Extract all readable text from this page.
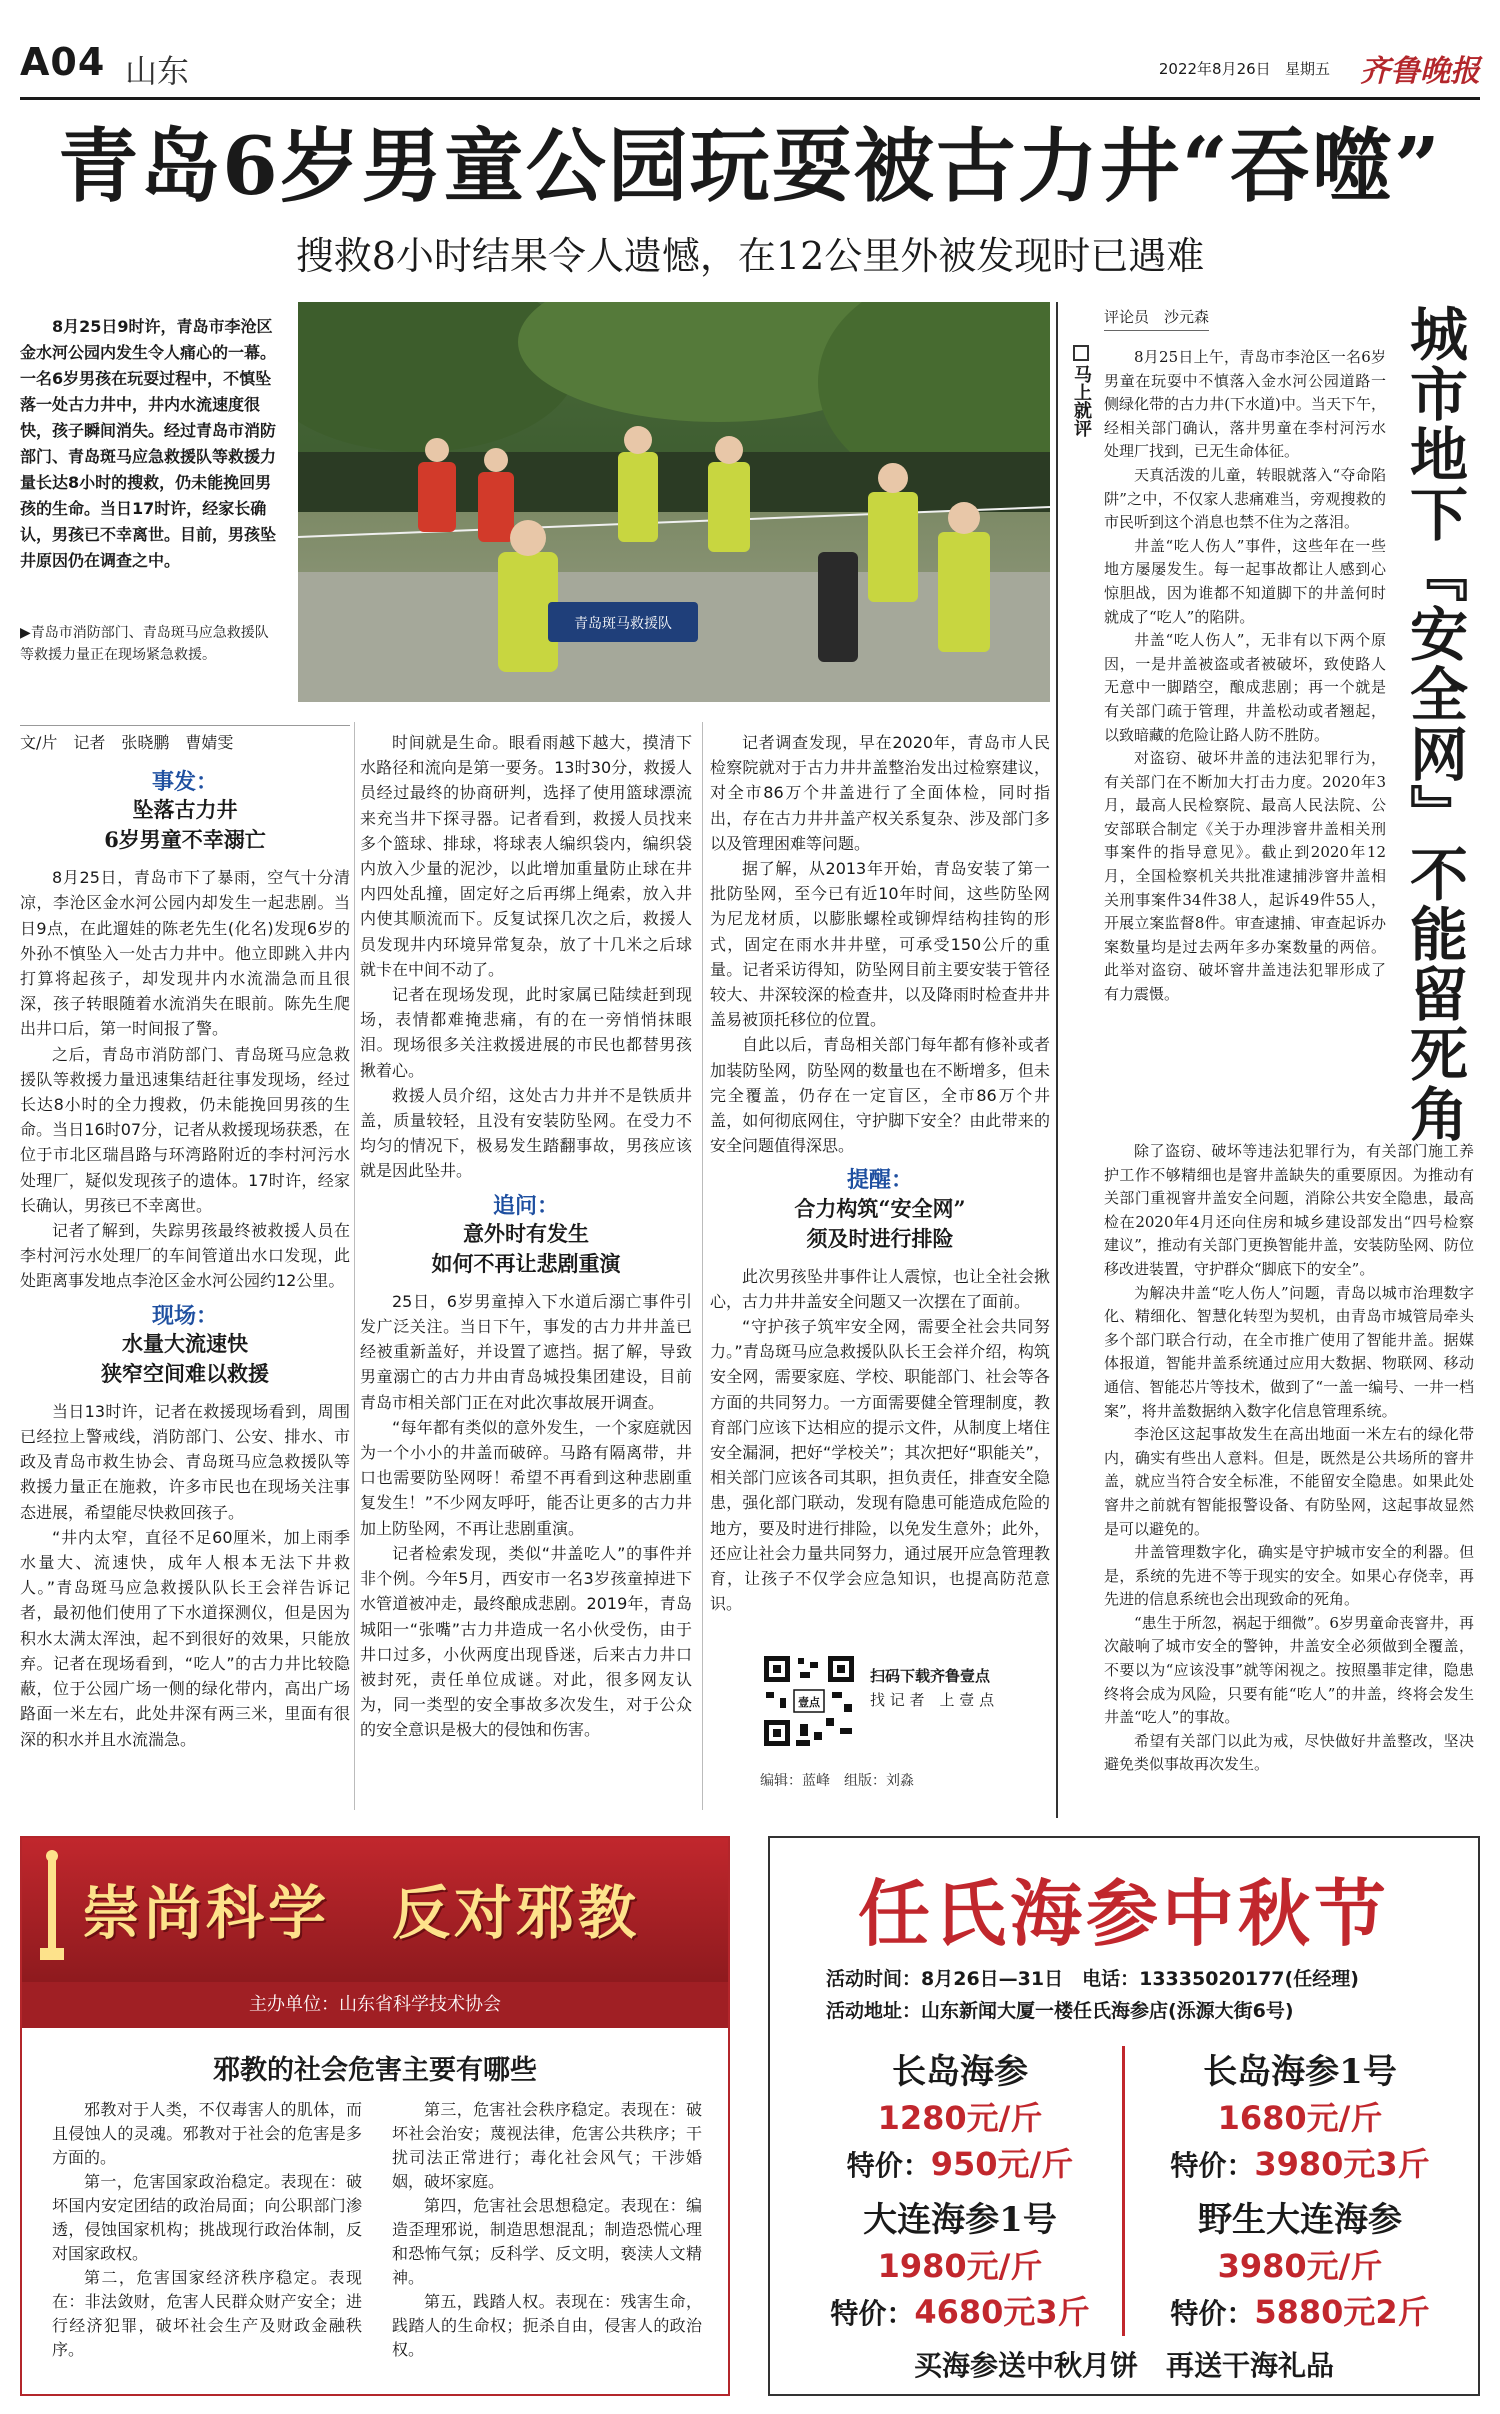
A04 山东	2022年8月26日 星期五 齐鲁晚报
青岛6岁男童公园玩耍被古力井“吞噬”
搜救8小时结果令人遗憾，在12公里外被发现时已遇难

8月25日9时许，青岛市李沧区金水河公园内发生令人痛心的一幕。一名6岁男孩在玩耍过程中，不慎坠落一处古力井中，井内水流速度很快，孩子瞬间消失。经过青岛市消防部门、青岛斑马应急救援队等救援力量长达8小时的搜救，仍未能挽回男孩的生命。当日17时许，经家长确认，男孩已不幸离世。目前，男孩坠井原因仍在调查之中。

▶青岛市消防部门、青岛斑马应急救援队等救援力量正在现场紧急救援。
青岛斑马救援队
文/片　记者　张晓鹏　曹婧雯
事发：
坠落古力井
6岁男童不幸溺亡

8月25日，青岛市下了暴雨，空气十分清凉，李沧区金水河公园内却发生一起悲剧。当日9点，在此遛娃的陈老先生(化名)发现6岁的外孙不慎坠入一处古力井中。他立即跳入井内打算将起孩子，却发现井内水流湍急而且很深，孩子转眼随着水流消失在眼前。陈先生爬出井口后，第一时间报了警。

之后，青岛市消防部门、青岛斑马应急救援队等救援力量迅速集结赶往事发现场，经过长达8小时的全力搜救，仍未能挽回男孩的生命。当日16时07分，记者从救援现场获悉，在位于市北区瑞昌路与环湾路附近的李村河污水处理厂，疑似发现孩子的遗体。17时许，经家长确认，男孩已不幸离世。

记者了解到，失踪男孩最终被救援人员在李村河污水处理厂的车间管道出水口发现，此处距离事发地点李沧区金水河公园约12公里。

现场：
水量大流速快
狭窄空间难以救援

当日13时许，记者在救援现场看到，周围已经拉上警戒线，消防部门、公安、排水、市政及青岛市救生协会、青岛斑马应急救援队等救援力量正在施救，许多市民也在现场关注事态进展，希望能尽快救回孩子。

“井内太窄，直径不足60厘米，加上雨季水量大、流速快，成年人根本无法下井救人。”青岛斑马应急救援队队长王会祥告诉记者，最初他们使用了下水道探测仪，但是因为积水太满太浑浊，起不到很好的效果，只能放弃。记者在现场看到，“吃人”的古力井比较隐蔽，位于公园广场一侧的绿化带内，高出广场路面一米左右，此处井深有两三米，里面有很深的积水并且水流湍急。

时间就是生命。眼看雨越下越大，摸清下水路径和流向是第一要务。13时30分，救援人员经过最终的协商研判，选择了使用篮球漂流来充当井下探寻器。记者看到，救援人员找来多个篮球、排球，将球表人编织袋内，编织袋内放入少量的泥沙，以此增加重量防止球在井内四处乱撞，固定好之后再绑上绳索，放入井内使其顺流而下。反复试探几次之后，救援人员发现井内环境异常复杂，放了十几米之后球就卡在中间不动了。

记者在现场发现，此时家属已陆续赶到现场，表情都难掩悲痛，有的在一旁悄悄抹眼泪。现场很多关注救援进展的市民也都替男孩揪着心。

救援人员介绍，这处古力井并不是铁质井盖，质量较轻，且没有安装防坠网。在受力不均匀的情况下，极易发生踏翻事故，男孩应该就是因此坠井。

追问：
意外时有发生
如何不再让悲剧重演

25日，6岁男童掉入下水道后溺亡事件引发广泛关注。当日下午，事发的古力井井盖已经被重新盖好，并设置了遮挡。据了解，导致男童溺亡的古力井由青岛城投集团建设，目前青岛市相关部门正在对此次事故展开调查。

“每年都有类似的意外发生，一个家庭就因为一个小小的井盖而破碎。马路有隔离带，井口也需要防坠网呀！希望不再看到这种悲剧重复发生！”不少网友呼吁，能否让更多的古力井加上防坠网，不再让悲剧重演。

记者检索发现，类似“井盖吃人”的事件并非个例。今年5月，西安市一名3岁孩童掉进下水管道被冲走，最终酿成悲剧。2019年，青岛城阳一“张嘴”古力井造成一名小伙受伤，由于井口过多，小伙两度出现昏迷，后来古力井口被封死，责任单位成谜。对此，很多网友认为，同一类型的安全事故多次发生，对于公众的安全意识是极大的侵蚀和伤害。

记者调查发现，早在2020年，青岛市人民检察院就对于古力井井盖整治发出过检察建议，对全市86万个井盖进行了全面体检，同时指出，存在古力井井盖产权关系复杂、涉及部门多以及管理困难等问题。

据了解，从2013年开始，青岛安装了第一批防坠网，至今已有近10年时间，这些防坠网为尼龙材质，以膨胀螺栓或铆焊结构挂钩的形式，固定在雨水井井壁，可承受150公斤的重量。记者采访得知，防坠网目前主要安装于管径较大、井深较深的检查井，以及降雨时检查井井盖易被顶托移位的位置。

自此以后，青岛相关部门每年都有修补或者加装防坠网，防坠网的数量也在不断增多，但未完全覆盖，仍存在一定盲区，全市86万个井盖，如何彻底网住，守护脚下安全？由此带来的安全问题值得深思。

提醒：
合力构筑“安全网”
须及时进行排险

此次男孩坠井事件让人震惊，也让全社会揪心，古力井井盖安全问题又一次摆在了面前。

“守护孩子筑牢安全网，需要全社会共同努力。”青岛斑马应急救援队队长王会祥介绍，构筑安全网，需要家庭、学校、职能部门、社会等各方面的共同努力。一方面需要健全管理制度，教育部门应该下达相应的提示文件，从制度上堵住安全漏洞，把好“学校关”；其次把好“职能关”，相关部门应该各司其职，担负责任，排查安全隐患，强化部门联动，发现有隐患可能造成危险的地方，要及时进行排险，以免发生意外；此外，还应让社会力量共同努力，通过展开应急管理教育，让孩子不仅学会应急知识，也提高防范意识。

壹点
扫码下载齐鲁壹点
找 记 者　上 壹 点
编辑：蓝峰　组版：刘淼
马上就评
评论员　沙元森	城市地下『安全网』不能留死角

8月25日上午，青岛市李沧区一名6岁男童在玩耍中不慎落入金水河公园道路一侧绿化带的古力井(下水道)中。当天下午，经相关部门确认，落井男童在李村河污水处理厂找到，已无生命体征。

天真活泼的儿童，转眼就落入“夺命陷阱”之中，不仅家人悲痛难当，旁观搜救的市民听到这个消息也禁不住为之落泪。

井盖“吃人伤人”事件，这些年在一些地方屡屡发生。每一起事故都让人感到心惊胆战，因为谁都不知道脚下的井盖何时就成了“吃人”的陷阱。

井盖“吃人伤人”，无非有以下两个原因，一是井盖被盗或者被破坏，致使路人无意中一脚踏空，酿成悲剧；再一个就是有关部门疏于管理，井盖松动或者翘起，以致暗藏的危险让路人防不胜防。

对盗窃、破坏井盖的违法犯罪行为，有关部门在不断加大打击力度。2020年3月，最高人民检察院、最高人民法院、公安部联合制定《关于办理涉窨井盖相关刑事案件的指导意见》。截止到2020年12月，全国检察机关共批准逮捕涉窨井盖相关刑事案件34件38人，起诉49件55人，开展立案监督8件。审查逮捕、审查起诉办案数量均是过去两年多办案数量的两倍。此举对盗窃、破坏窨井盖违法犯罪形成了有力震慑。

除了盗窃、破坏等违法犯罪行为，有关部门施工养护工作不够精细也是窨井盖缺失的重要原因。为推动有关部门重视窨井盖安全问题，消除公共安全隐患，最高检在2020年4月还向住房和城乡建设部发出“四号检察建议”，推动有关部门更换智能井盖，安装防坠网、防位移改进装置，守护群众“脚底下的安全”。

为解决井盖“吃人伤人”问题，青岛以城市治理数字化、精细化、智慧化转型为契机，由青岛市城管局牵头多个部门联合行动，在全市推广使用了智能井盖。据媒体报道，智能井盖系统通过应用大数据、物联网、移动通信、智能芯片等技术，做到了“一盖一编号、一井一档案”，将井盖数据纳入数字化信息管理系统。

李沧区这起事故发生在高出地面一米左右的绿化带内，确实有些出人意料。但是，既然是公共场所的窨井盖，就应当符合安全标准，不能留安全隐患。如果此处窨井之前就有智能报警设备、有防坠网，这起事故显然是可以避免的。

井盖管理数字化，确实是守护城市安全的利器。但是，系统的先进不等于现实的安全。如果心存侥幸，再先进的信息系统也会出现致命的死角。

“患生于所忽，祸起于细微”。6岁男童命丧窨井，再次敲响了城市安全的警钟，井盖安全必须做到全覆盖，不要以为“应该没事”就等闲视之。按照墨菲定律，隐患终将会成为风险，只要有能“吃人”的井盖，终将会发生井盖“吃人”的事故。

希望有关部门以此为戒，尽快做好井盖整改，坚决避免类似事故再次发生。

崇尚科学　反对邪教
主办单位：山东省科学技术协会
邪教的社会危害主要有哪些

邪教对于人类，不仅毒害人的肌体，而且侵蚀人的灵魂。邪教对于社会的危害是多方面的。

第一，危害国家政治稳定。表现在：破坏国内安定团结的政治局面；向公职部门渗透，侵蚀国家机构；挑战现行政治体制，反对国家政权。

第二，危害国家经济秩序稳定。表现在：非法敛财，危害人民群众财产安全；进行经济犯罪，破坏社会生产及财政金融秩序。

第三，危害社会秩序稳定。表现在：破坏社会治安；蔑视法律，危害公共秩序；干扰司法正常进行；毒化社会风气；干涉婚姻，破坏家庭。

第四，危害社会思想稳定。表现在：编造歪理邪说，制造思想混乱；制造恐慌心理和恐怖气氛；反科学、反文明，亵渎人文精神。

第五，践踏人权。表现在：残害生命，践踏人的生命权；扼杀自由，侵害人的政治权。

任氏海参中秋节
活动时间：8月26日—31日　电话：13335020177(任经理)
活动地址：山东新闻大厦一楼任氏海参店(泺源大街6号)
长岛海参
1280元/斤
特价：950元/斤
长岛海参1号
1680元/斤
特价：3980元3斤
大连海参1号
1980元/斤
特价：4680元3斤
野生大连海参
3980元/斤
特价：5880元2斤
买海参送中秋月饼　再送干海礼品
